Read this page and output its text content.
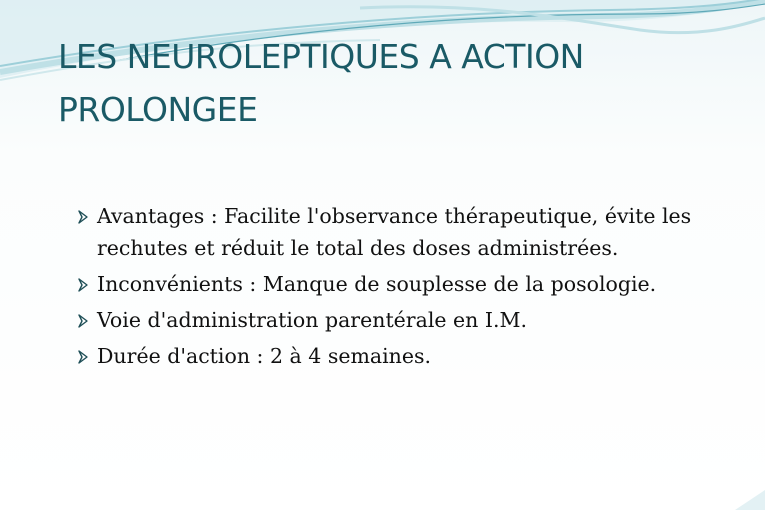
LES NEUROLEPTIQUES A ACTION PROLONGEE
Avantages : Facilite l'observance thérapeutique, évite les rechutes et réduit le total des doses administrées.
Inconvénients : Manque de souplesse de la posologie.
Voie d'administration parentérale en I.M.
Durée d'action : 2 à 4 semaines.
